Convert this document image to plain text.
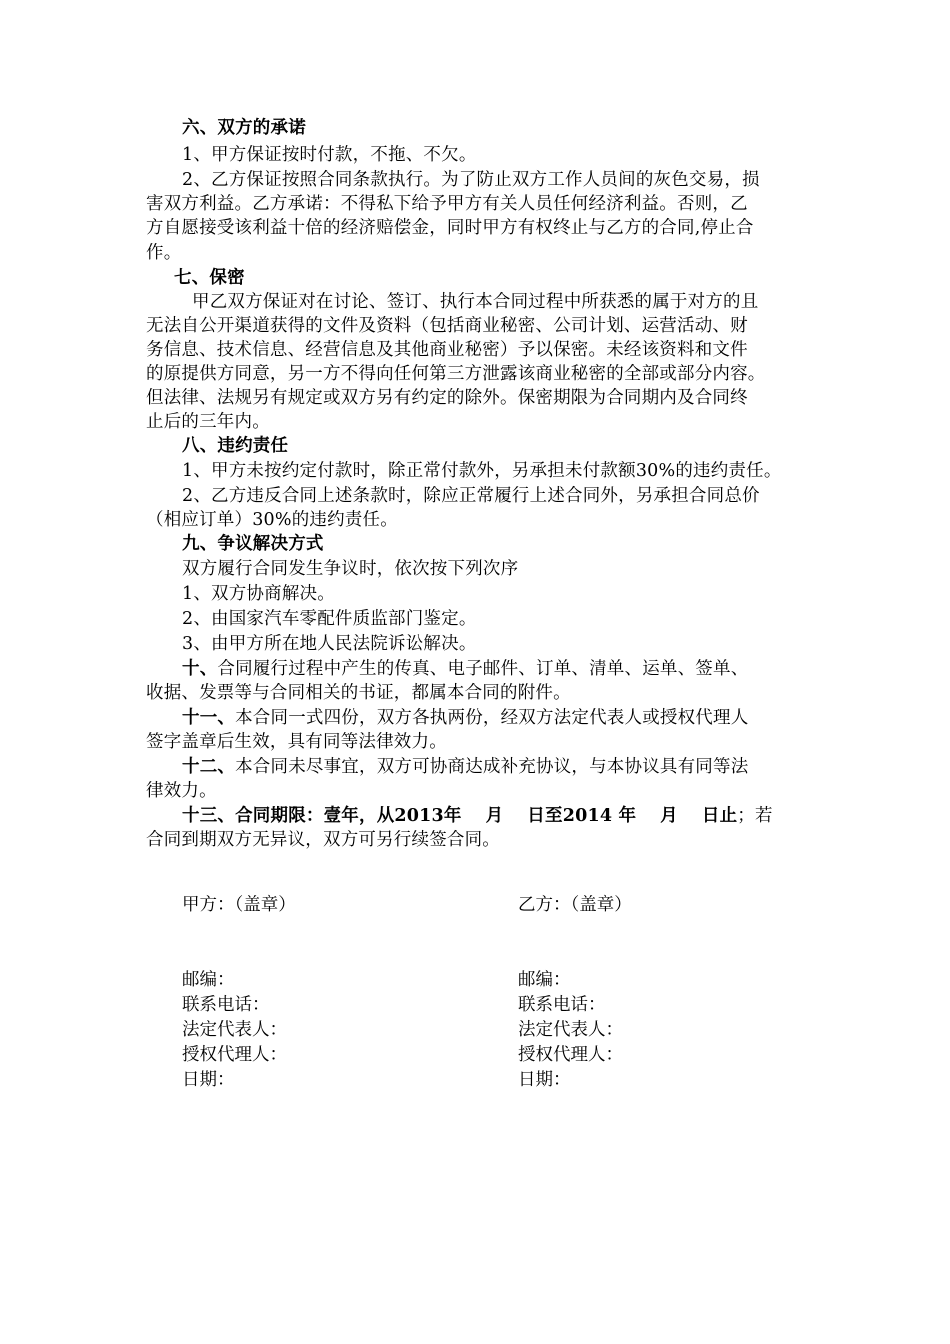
六、双方的承诺
1、甲方保证按时付款，不拖、不欠。
2、乙方保证按照合同条款执行。为了防止双方工作人员间的灰色交易，损
害双方利益。乙方承诺：不得私下给予甲方有关人员任何经济利益。否则，乙
方自愿接受该利益十倍的经济赔偿金，同时甲方有权终止与乙方的合同,停止合
作。
七、保密
甲乙双方保证对在讨论、签订、执行本合同过程中所获悉的属于对方的且
无法自公开渠道获得的文件及资料（包括商业秘密、公司计划、运营活动、财
务信息、技术信息、经营信息及其他商业秘密）予以保密。未经该资料和文件
的原提供方同意，另一方不得向任何第三方泄露该商业秘密的全部或部分内容。
但法律、法规另有规定或双方另有约定的除外。保密期限为合同期内及合同终
止后的三年内。
八、违约责任
1、甲方未按约定付款时，除正常付款外，另承担未付款额30%的违约责任。
2、乙方违反合同上述条款时，除应正常履行上述合同外，另承担合同总价
（相应订单）30%的违约责任。
九、争议解决方式
双方履行合同发生争议时，依次按下列次序
1、双方协商解决。
2、由国家汽车零配件质监部门鉴定。
3、由甲方所在地人民法院诉讼解决。
十、合同履行过程中产生的传真、电子邮件、订单、清单、运单、签单、
收据、发票等与合同相关的书证，都属本合同的附件。
十一、本合同一式四份，双方各执两份，经双方法定代表人或授权代理人
签字盖章后生效，具有同等法律效力。
十二、本合同未尽事宜，双方可协商达成补充协议，与本协议具有同等法
律效力。
十三、合同期限：壹年，从2013年　 月　 日至2014 年　 月　 日止；若
合同到期双方无异议，双方可另行续签合同。
甲方：（盖章）	乙方：（盖章）
邮编：
联系电话：
法定代表人：
授权代理人：
日期：
邮编：
联系电话：
法定代表人：
授权代理人：
日期：
